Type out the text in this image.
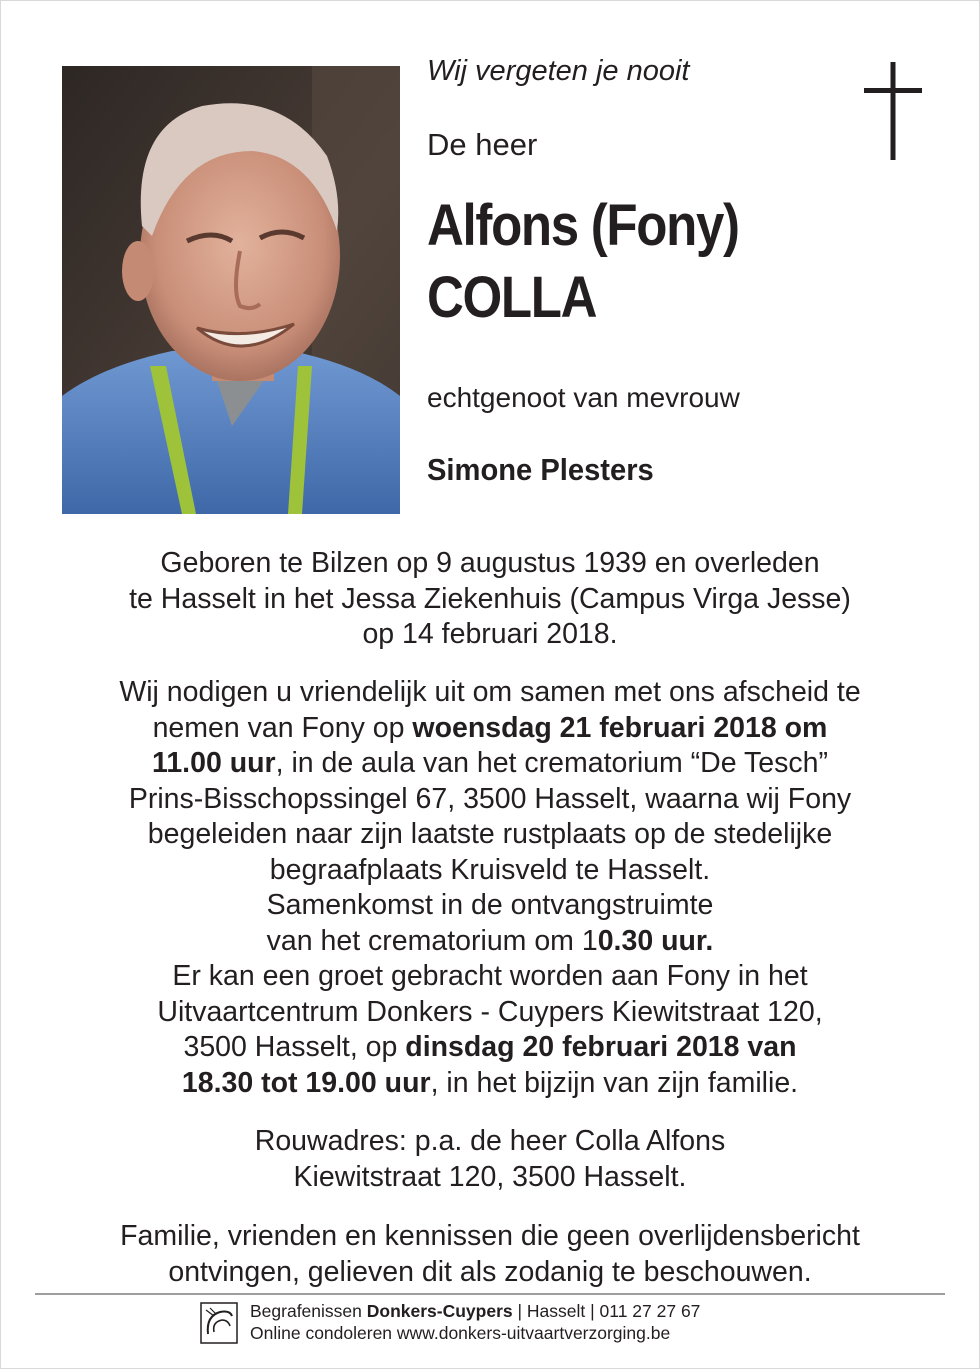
Wij vergeten je nooit
De heer
Alfons (Fony)
COLLA
echtgenoot van mevrouw
Simone Plesters
Geboren te Bilzen op 9 augustus 1939 en overleden
te Hasselt in het Jessa Ziekenhuis (Campus Virga Jesse)
op 14 februari 2018.
Wij nodigen u vriendelijk uit om samen met ons afscheid te
nemen van Fony op woensdag 21 februari 2018 om
11.00 uur, in de aula van het crematorium “De Tesch”
Prins-Bisschopssingel 67, 3500 Hasselt, waarna wij Fony
begeleiden naar zijn laatste rustplaats op de stedelijke
begraafplaats Kruisveld te Hasselt.
Samenkomst in de ontvangstruimte
van het crematorium om 10.30 uur.
Er kan een groet gebracht worden aan Fony in het
Uitvaartcentrum Donkers - Cuypers Kiewitstraat 120,
3500 Hasselt, op dinsdag 20 februari 2018 van
18.30 tot 19.00 uur, in het bijzijn van zijn familie.
Rouwadres: p.a. de heer Colla Alfons
Kiewitstraat 120, 3500 Hasselt.
Familie, vrienden en kennissen die geen overlijdensbericht
ontvingen, gelieven dit als zodanig te beschouwen.
Begrafenissen Donkers-Cuypers | Hasselt | 011 27 27 67
Online condoleren www.donkers-uitvaartverzorging.be
